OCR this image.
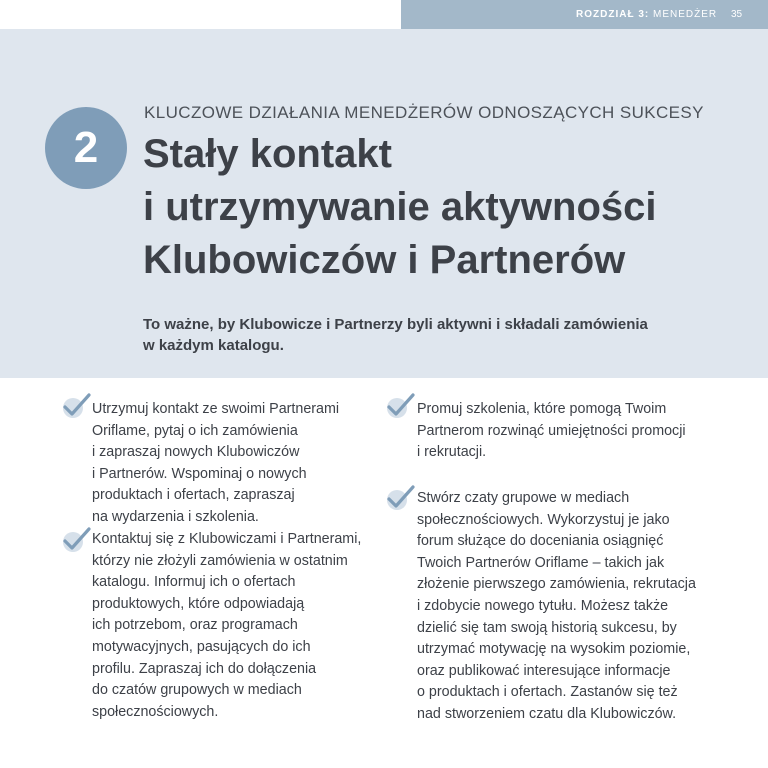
ROZDZIAŁ 3: MENEDŻER 35
2
KLUCZOWE DZIAŁANIA MENEDŻERÓW ODNOSZĄCYCH SUKCESY
Stały kontakt
i utrzymywanie aktywności
Klubowiczów i Partnerów
To ważne, by Klubowicze i Partnerzy byli aktywni i składali zamówienia
w każdym katalogu.
Utrzymuj kontakt ze swoimi Partnerami
Oriflame, pytaj o ich zamówienia
i zapraszaj nowych Klubowiczów
i Partnerów. Wspominaj o nowych
produktach i ofertach, zapraszaj
na wydarzenia i szkolenia.
Kontaktuj się z Klubowiczami i Partnerami,
którzy nie złożyli zamówienia w ostatnim
katalogu. Informuj ich o ofertach
produktowych, które odpowiadają
ich potrzebom, oraz programach
motywacyjnych, pasujących do ich
profilu. Zapraszaj ich do dołączenia
do czatów grupowych w mediach
społecznościowych.
Promuj szkolenia, które pomogą Twoim
Partnerom rozwinąć umiejętności promocji
i rekrutacji.
Stwórz czaty grupowe w mediach
społecznościowych. Wykorzystuj je jako
forum służące do doceniania osiągnięć
Twoich Partnerów Oriflame – takich jak
złożenie pierwszego zamówienia, rekrutacja
i zdobycie nowego tytułu. Możesz także
dzielić się tam swoją historią sukcesu, by
utrzymać motywację na wysokim poziomie,
oraz publikować interesujące informacje
o produktach i ofertach. Zastanów się też
nad stworzeniem czatu dla Klubowiczów.
